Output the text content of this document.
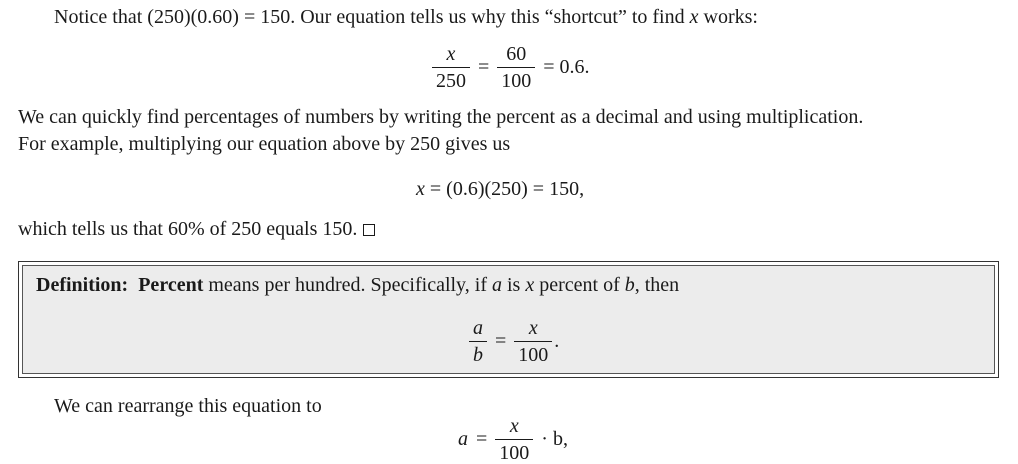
Notice that (250)(0.60) = 150. Our equation tells us why this “shortcut” to find x works:
$\frac{x}{250} = \frac{60}{100} = 0.6$.
We can quickly find percentages of numbers by writing the percent as a decimal and using multiplication.
For example, multiplying our equation above by 250 gives us
x = (0.6)(250) = 150,
which tells us that 60% of 250 equals 150.
Definition: Percent means per hundred. Specifically, if a is x percent of b, then
$\frac{a}{b} = \frac{x}{100}$ .
We can rearrange this equation to
$a = \frac{x}{100} \cdot b$,
